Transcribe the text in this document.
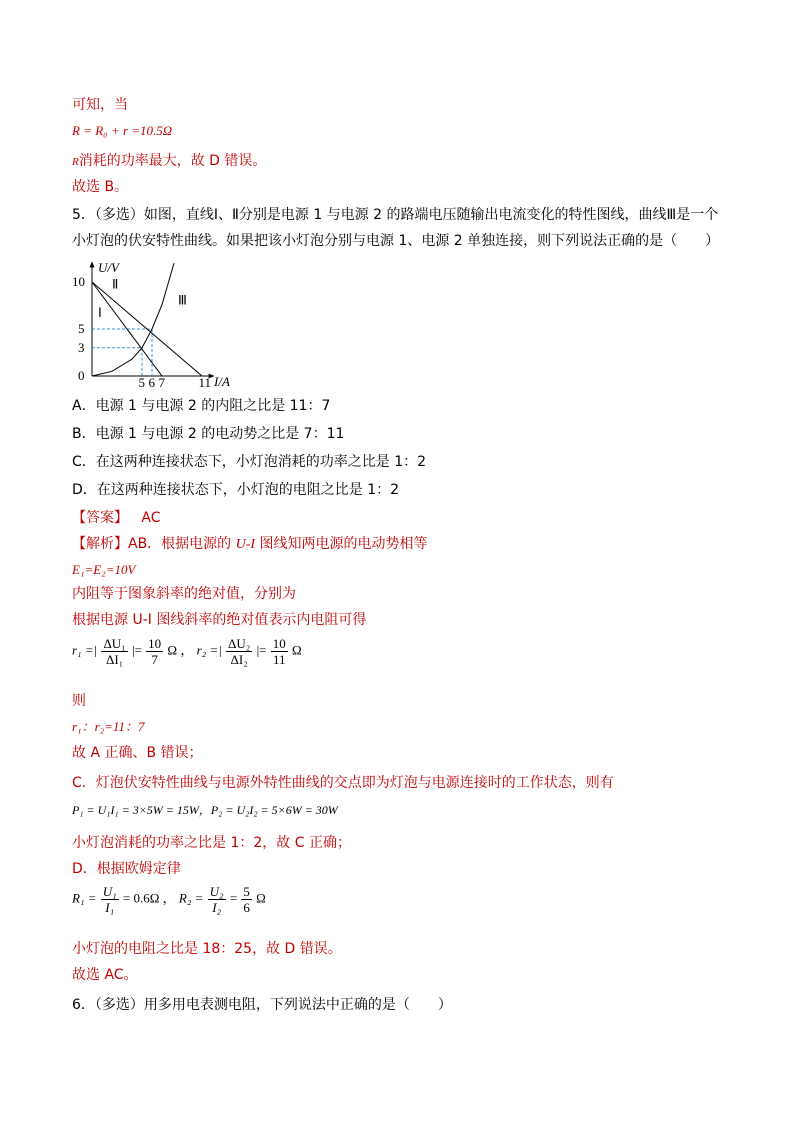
可知，当
R = R₀ + r =10.5Ω
R消耗的功率最大，故 D 错误。
故选 B。
5．（多选）如图，直线Ⅰ、Ⅱ分别是电源 1 与电源 2 的路端电压随输出电流变化的特性图线，曲线Ⅲ是一个
小灯泡的伏安特性曲线。如果把该小灯泡分别与电源 1、电源 2 单独连接，则下列说法正确的是（　　）
U/V
I/A
0
10
5
3
5 6 7	11
Ⅰ
Ⅱ
Ⅲ
A．电源 1 与电源 2 的内阻之比是 11：7
B．电源 1 与电源 2 的电动势之比是 7：11
C．在这两种连接状态下，小灯泡消耗的功率之比是 1：2
D．在这两种连接状态下，小灯泡的电阻之比是 1：2
【答案】 AC
【解析】AB．根据电源的 U-I 图线知两电源的电动势相等
E₁=E₂=10V
内阻等于图象斜率的绝对值，分别为
根据电源 U-I 图线斜率的绝对值表示内电阻可得
r₁ =| $\frac{\text{ΔU₁}}{\text{ΔI₁}}$ |= $\frac{10}{7}$ Ω ， r₂ =| $\frac{\text{ΔU₂}}{\text{ΔI₂}}$ |= $\frac{10}{11}$ Ω
则
r₁：r₂=11：7
故 A 正确、B 错误；
C．灯泡伏安特性曲线与电源外特性曲线的交点即为灯泡与电源连接时的工作状态，则有
P₁ = U₁I₁ = 3×5W = 15W，P₂ = U₂I₂ = 5×6W = 30W
小灯泡消耗的功率之比是 1：2，故 C 正确；
D．根据欧姆定律
$R_1 = \frac{\text{U₁}}{\text{I₁}} = 0.6\Omega$ ， $R_2 = \frac{\text{U₂}}{\text{I₂}} = \frac{5}{6}$ Ω
小灯泡的电阻之比是 18：25，故 D 错误。
故选 AC。
6．（多选）用多用电表测电阻，下列说法中正确的是（　　）
